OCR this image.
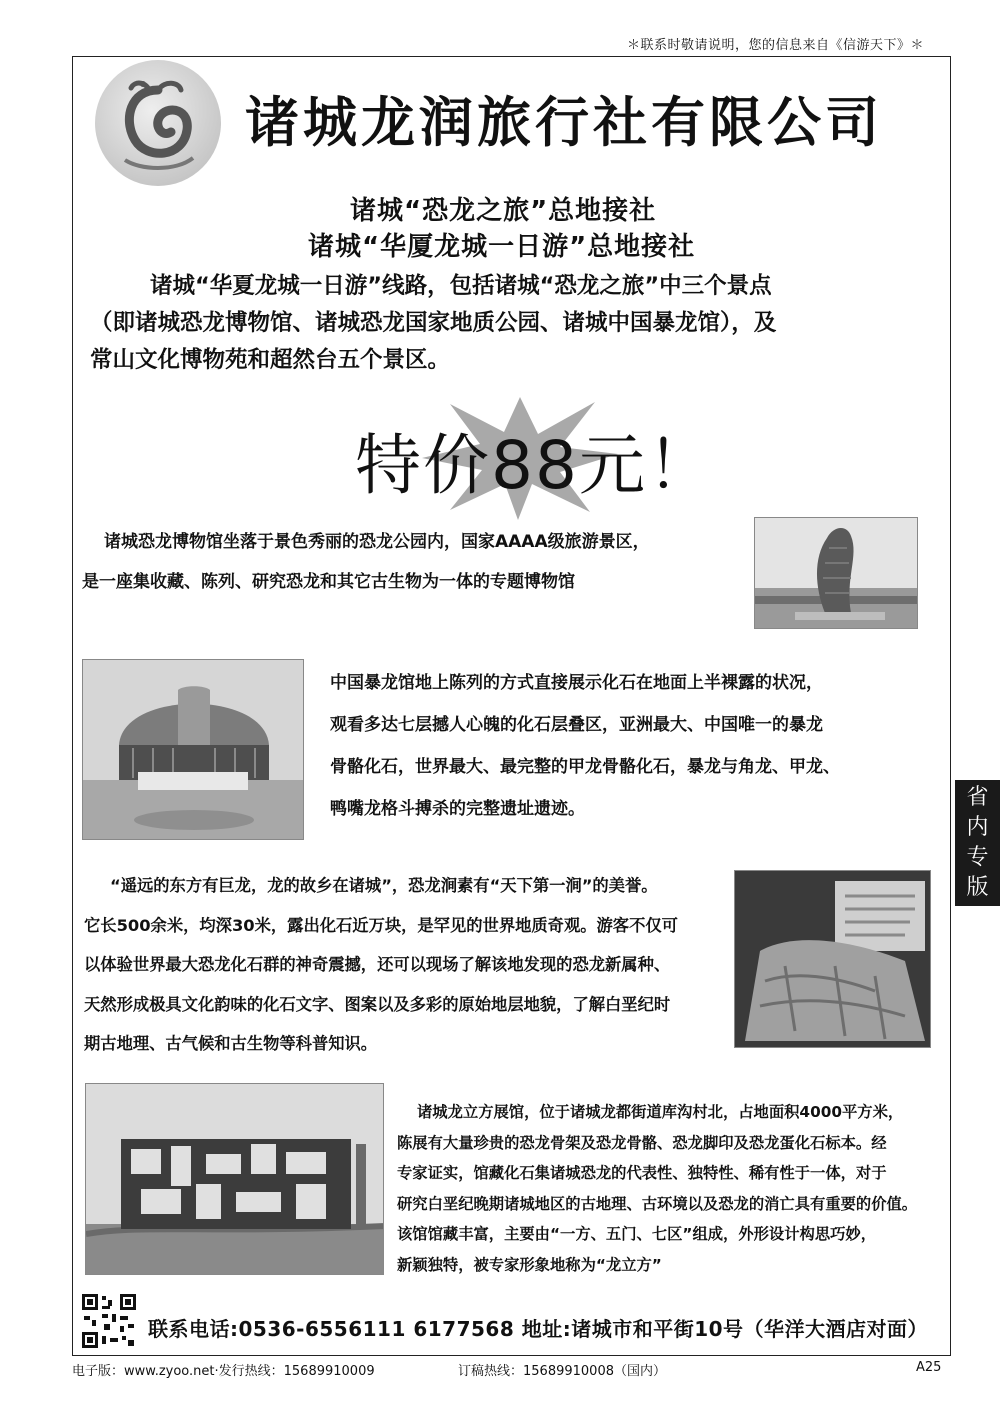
＊联系时敬请说明，您的信息来自《信游天下》＊
诸城龙润旅行社有限公司
诸城“恐龙之旅”总地接社
诸城“华厦龙城一日游”总地接社

诸城“华夏龙城一日游”线路，包括诸城“恐龙之旅”中三个景点

（即诸城恐龙博物馆、诸城恐龙国家地质公园、诸城中国暴龙馆），及

常山文化博物苑和超然台五个景区。

特价88元！

诸城恐龙博物馆坐落于景色秀丽的恐龙公园内，国家AAAA级旅游景区，

是一座集收藏、陈列、研究恐龙和其它古生物为一体的专题博物馆

中国暴龙馆地上陈列的方式直接展示化石在地面上半裸露的状况，

观看多达七层撼人心魄的化石层叠区，亚洲最大、中国唯一的暴龙

骨骼化石，世界最大、最完整的甲龙骨骼化石，暴龙与角龙、甲龙、

鸭嘴龙格斗搏杀的完整遗址遗迹。	省
内
专
版

“遥远的东方有巨龙，龙的故乡在诸城”，恐龙涧素有“天下第一涧”的美誉。

它长500余米，均深30米，露出化石近万块，是罕见的世界地质奇观。游客不仅可

以体验世界最大恐龙化石群的神奇震撼，还可以现场了解该地发现的恐龙新属种、

天然形成极具文化韵味的化石文字、图案以及多彩的原始地层地貌，了解白垩纪时

期古地理、古气候和古生物等科普知识。

诸城龙立方展馆，位于诸城龙都街道库沟村北，占地面积4000平方米，

陈展有大量珍贵的恐龙骨架及恐龙骨骼、恐龙脚印及恐龙蛋化石标本。经

专家证实，馆藏化石集诸城恐龙的代表性、独特性、稀有性于一体，对于

研究白垩纪晚期诸城地区的古地理、古环境以及恐龙的消亡具有重要的价值。

该馆馆藏丰富，主要由“一方、五门、七区”组成，外形设计构思巧妙，

新颖独特，被专家形象地称为“龙立方”

联系电话:0536-6556111 6177568 地址:诸城市和平街10号（华洋大酒店对面）
电子版：www.zyoo.net·发行热线：15689910009	订稿热线：15689910008（国内）	A25
